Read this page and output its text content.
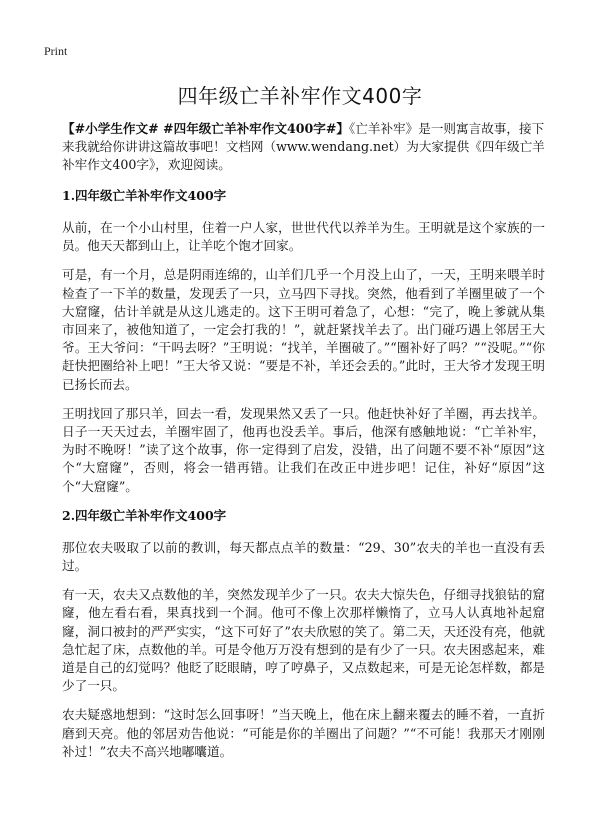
Print
四年级亡羊补牢作文400字

【#小学生作文# #四年级亡羊补牢作文400字#】《亡羊补牢》是一则寓言故事，接下来我就给你讲讲这篇故事吧！文档网（www.wendang.net）为大家提供《四年级亡羊补牢作文400字》，欢迎阅读。

1.四年级亡羊补牢作文400字

从前，在一个小山村里，住着一户人家，世世代代以养羊为生。王明就是这个家族的一员。他天天都到山上，让羊吃个饱才回家。

可是，有一个月，总是阴雨连绵的，山羊们几乎一个月没上山了，一天，王明来喂羊时检查了一下羊的数量，发现丢了一只，立马四下寻找。突然，他看到了羊圈里破了一个大窟窿，估计羊就是从这儿逃走的。这下王明可着急了，心想：“完了，晚上爹就从集市回来了，被他知道了，一定会打我的！”，就赶紧找羊去了。出门碰巧遇上邻居王大爷。王大爷问：“干吗去呀？”王明说：“找羊，羊圈破了。”“圈补好了吗？”“没呢。”“你赶快把圈给补上吧！”王大爷又说：“要是不补，羊还会丢的。”此时，王大爷才发现王明已扬长而去。

王明找回了那只羊，回去一看，发现果然又丢了一只。他赶快补好了羊圈，再去找羊。日子一天天过去，羊圈牢固了，他再也没丢羊。事后，他深有感触地说：“亡羊补牢，为时不晚呀！”读了这个故事，你一定得到了启发，没错，出了问题不要不补“原因”这个“大窟窿”，否则，将会一错再错。让我们在改正中进步吧！记住，补好“原因”这个“大窟窿”。

2.四年级亡羊补牢作文400字

那位农夫吸取了以前的教训，每天都点点羊的数量：“29、30”农夫的羊也一直没有丢过。

有一天，农夫又点数他的羊，突然发现羊少了一只。农夫大惊失色，仔细寻找狼钻的窟窿，他左看右看，果真找到一个洞。他可不像上次那样懒惰了，立马人认真地补起窟窿，洞口被封的严严实实，“这下可好了”农夫欣慰的笑了。第二天，天还没有亮，他就急忙起了床，点数他的羊。可是令他万万没有想到的是有少了一只。农夫困惑起来，难道是自己的幻觉吗？他眨了眨眼睛，哼了哼鼻子，又点数起来，可是无论怎样数，都是少了一只。

农夫疑惑地想到：“这时怎么回事呀！”当天晚上，他在床上翻来覆去的睡不着，一直折磨到天亮。他的邻居劝告他说：“可能是你的羊圈出了问题？”“不可能！我那天才刚刚补过！”农夫不高兴地嘟囔道。
